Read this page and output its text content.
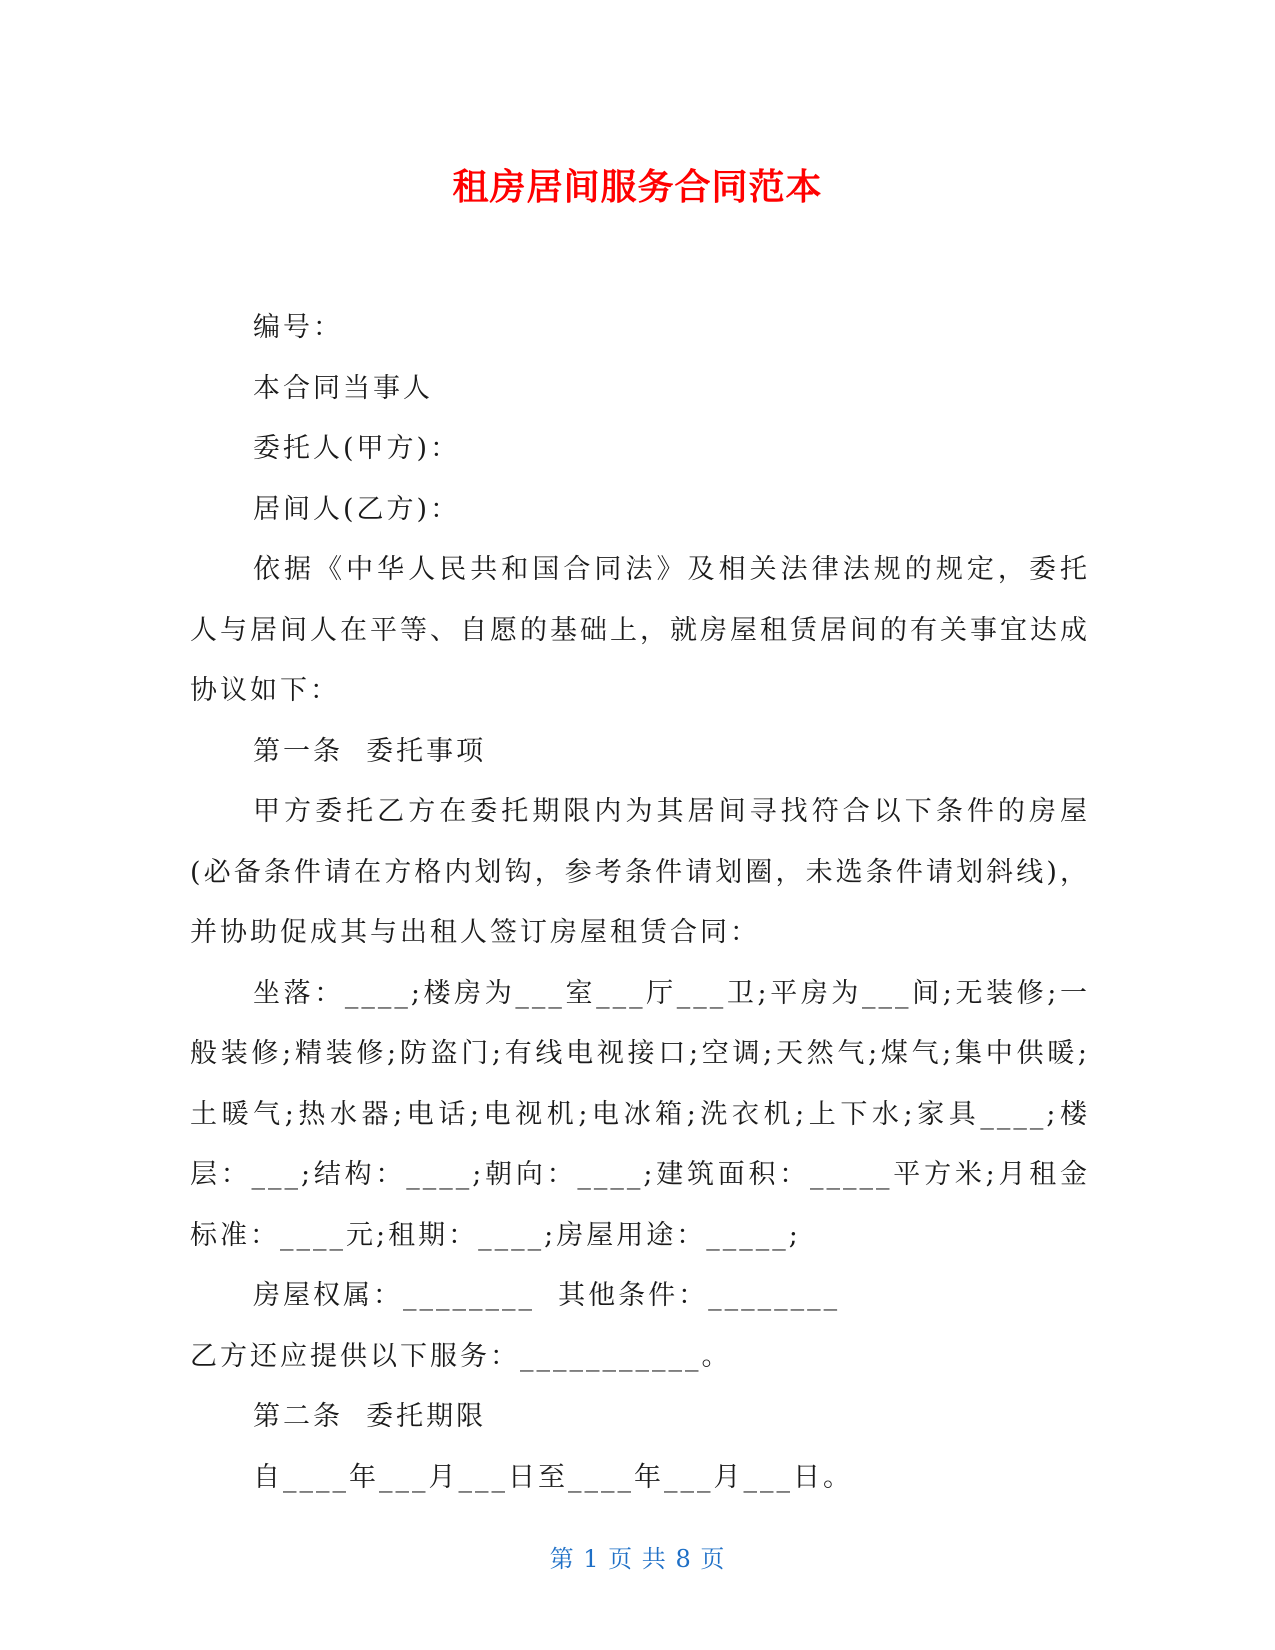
租房居间服务合同范本

编号：

本合同当事人

委托人(甲方)：

居间人(乙方)：

依据《中华人民共和国合同法》及相关法律法规的规定，委托人与居间人在平等、自愿的基础上，就房屋租赁居间的有关事宜达成协议如下：

第一条  委托事项

甲方委托乙方在委托期限内为其居间寻找符合以下条件的房屋(必备条件请在方格内划钩，参考条件请划圈，未选条件请划斜线)，并协助促成其与出租人签订房屋租赁合同：

坐落：____;楼房为___室___厅___卫;平房为___间;无装修;一般装修;精装修;防盗门;有线电视接口;空调;天然气;煤气;集中供暖;土暖气;热水器;电话;电视机;电冰箱;洗衣机;上下水;家具____;楼层：___;结构：____;朝向：____;建筑面积：_____平方米;月租金标准：____元;租期：____;房屋用途：_____;

房屋权属：________  其他条件：________

乙方还应提供以下服务：___________。

第二条  委托期限

自____年___月___日至____年___月___日。

第 1 页 共 8 页
